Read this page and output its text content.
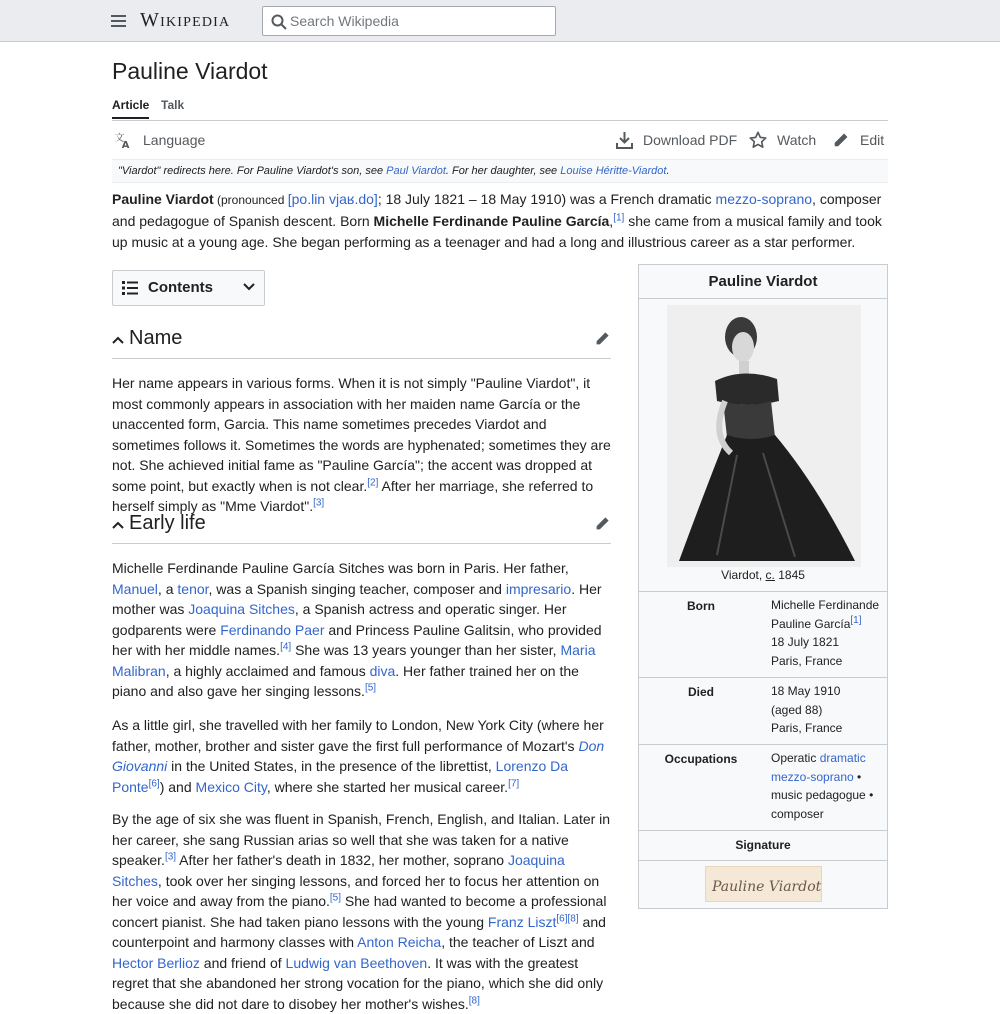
Wikipedia
Search Wikipedia
Pauline Viardot
Article Talk
文
A Language	Download PDF	Watch	Edit
"Viardot" redirects here. For Pauline Viardot's son, see Paul Viardot. For her daughter, see Louise Héritte-Viardot.

Pauline Viardot (pronounced [po.lin vjaʁ.do]; 18 July 1821 – 18 May 1910) was a French dramatic mezzo-soprano, composer and pedagogue of Spanish descent. Born Michelle Ferdinande Pauline García,[1] she came from a musical family and took up music at a young age. She began performing as a teenager and had a long and illustrious career as a star performer.

Contents
Name

Her name appears in various forms. When it is not simply "Pauline Viardot", it most commonly appears in association with her maiden name García or the unaccented form, Garcia. This name sometimes precedes Viardot and sometimes follows it. Sometimes the words are hyphenated; sometimes they are not. She achieved initial fame as "Pauline García"; the accent was dropped at some point, but exactly when is not clear.[2] After her marriage, she referred to herself simply as "Mme Viardot".[3]

Early life

Michelle Ferdinande Pauline García Sitches was born in Paris. Her father, Manuel, a tenor, was a Spanish singing teacher, composer and impresario. Her mother was Joaquina Sitches, a Spanish actress and operatic singer. Her godparents were Ferdinando Paer and Princess Pauline Galitsin, who provided her with her middle names.[4] She was 13 years younger than her sister, Maria Malibran, a highly acclaimed and famous diva. Her father trained her on the piano and also gave her singing lessons.[5]

As a little girl, she travelled with her family to London, New York City (where her father, mother, brother and sister gave the first full performance of Mozart's Don Giovanni in the United States, in the presence of the librettist, Lorenzo Da Ponte[6]) and Mexico City, where she started her musical career.[7]

By the age of six she was fluent in Spanish, French, English, and Italian. Later in her career, she sang Russian arias so well that she was taken for a native speaker.[3] After her father's death in 1832, her mother, soprano Joaquina Sitches, took over her singing lessons, and forced her to focus her attention on her voice and away from the piano.[5] She had wanted to become a professional concert pianist. She had taken piano lessons with the young Franz Liszt[6][8] and counterpoint and harmony classes with Anton Reicha, the teacher of Liszt and Hector Berlioz and friend of Ludwig van Beethoven. It was with the greatest regret that she abandoned her strong vocation for the piano, which she did only because she did not dare to disobey her mother's wishes.[8]

Pauline Viardot
Viardot, c. 1845
Born	Michelle Ferdinande Pauline García[1]
18 July 1821
Paris, France
Died	18 May 1910
(aged 88)
Paris, France
Occupations	Operatic dramatic mezzo-soprano •
music pedagogue •
composer
Signature
Pauline Viardot
